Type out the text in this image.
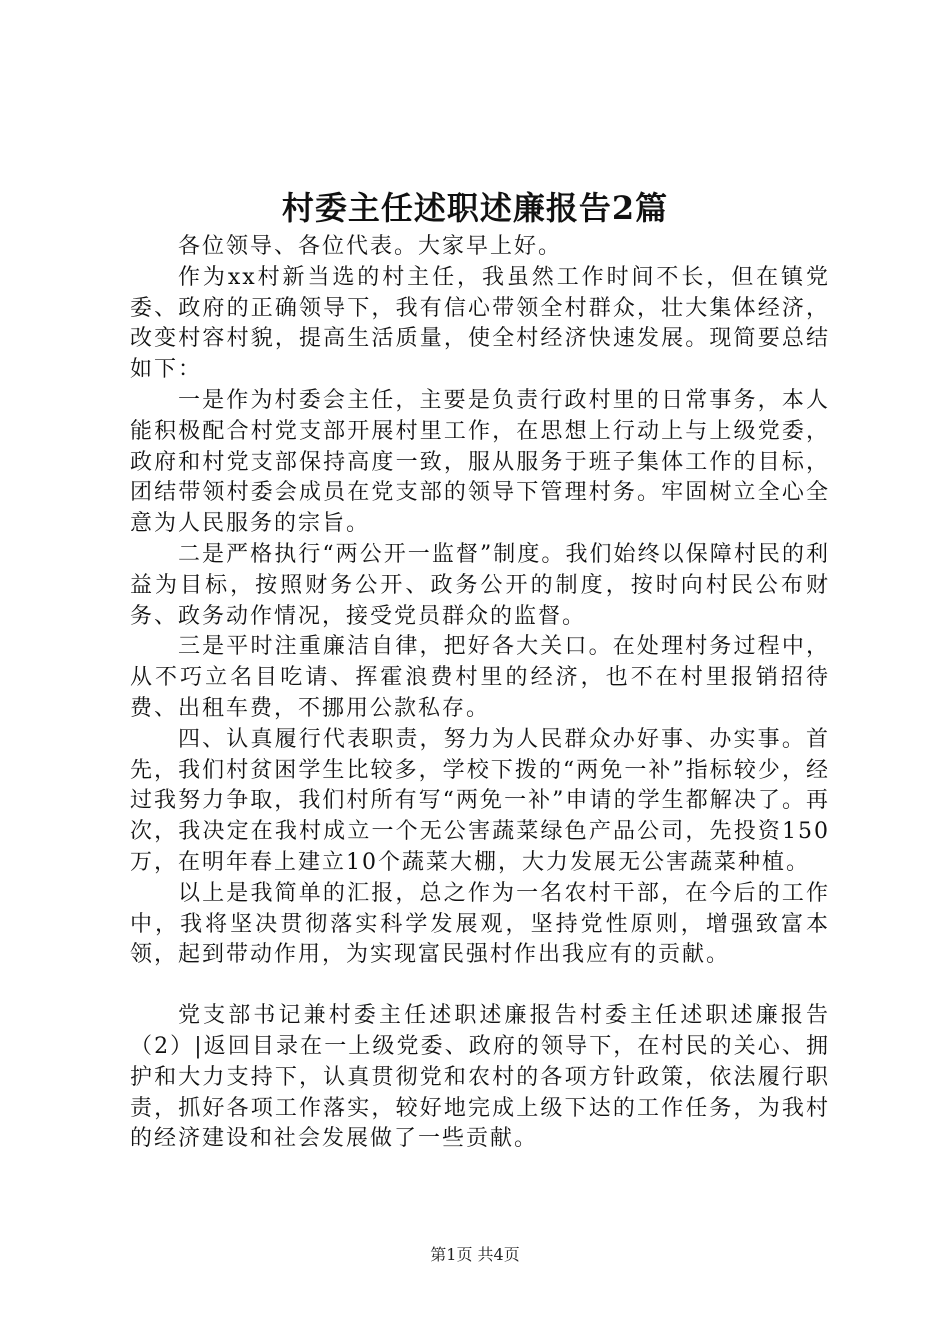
村委主任述职述廉报告2篇

各位领导、各位代表。大家早上好。

作为xx村新当选的村主任，我虽然工作时间不长，但在镇党委、政府的正确领导下，我有信心带领全村群众，壮大集体经济，改变村容村貌，提高生活质量，使全村经济快速发展。现简要总结如下：

一是作为村委会主任，主要是负责行政村里的日常事务，本人能积极配合村党支部开展村里工作，在思想上行动上与上级党委，政府和村党支部保持高度一致，服从服务于班子集体工作的目标，团结带领村委会成员在党支部的领导下管理村务。牢固树立全心全意为人民服务的宗旨。

二是严格执行“两公开一监督”制度。我们始终以保障村民的利益为目标，按照财务公开、政务公开的制度，按时向村民公布财务、政务动作情况，接受党员群众的监督。

三是平时注重廉洁自律，把好各大关口。在处理村务过程中，从不巧立名目吃请、挥霍浪费村里的经济，也不在村里报销招待费、出租车费，不挪用公款私存。

四、认真履行代表职责，努力为人民群众办好事、办实事。首先，我们村贫困学生比较多，学校下拨的“两免一补”指标较少，经过我努力争取，我们村所有写“两免一补”申请的学生都解决了。再次，我决定在我村成立一个无公害蔬菜绿色产品公司，先投资150万，在明年春上建立10个蔬菜大棚，大力发展无公害蔬菜种植。

以上是我简单的汇报，总之作为一名农村干部，在今后的工作中，我将坚决贯彻落实科学发展观，坚持党性原则，增强致富本领，起到带动作用，为实现富民强村作出我应有的贡献。

党支部书记兼村委主任述职述廉报告村委主任述职述廉报告（2）|返回目录在一上级党委、政府的领导下，在村民的关心、拥护和大力支持下，认真贯彻党和农村的各项方针政策，依法履行职责，抓好各项工作落实，较好地完成上级下达的工作任务，为我村的经济建设和社会发展做了一些贡献。

第1页 共4页
